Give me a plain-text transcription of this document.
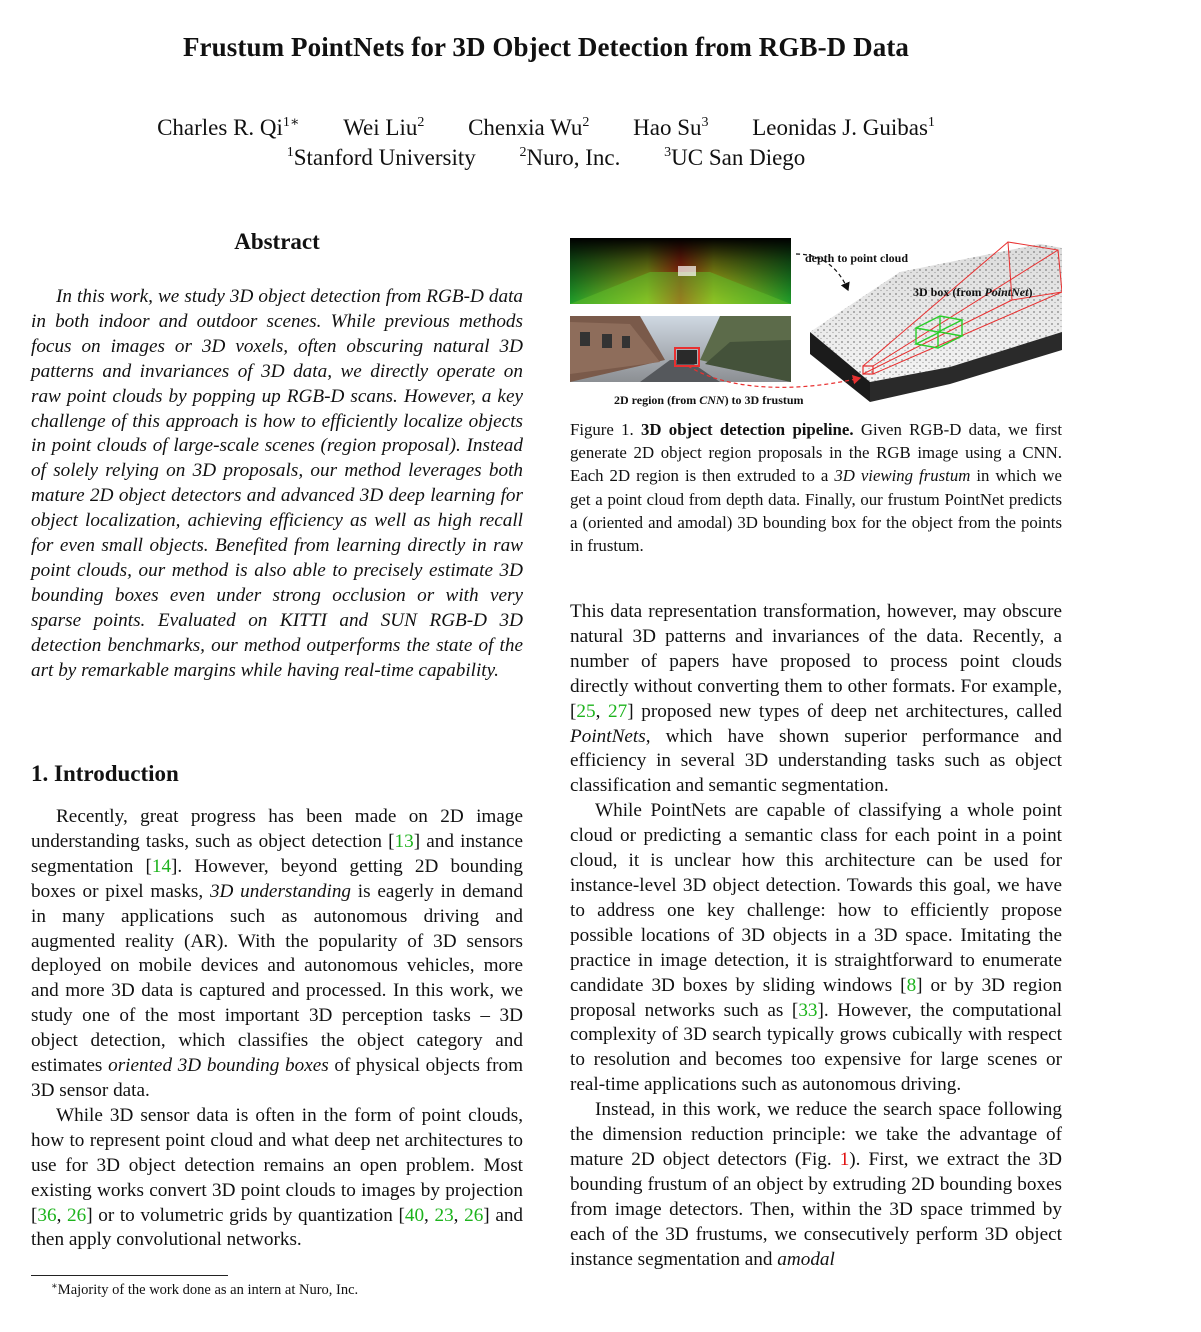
Frustum PointNets for 3D Object Detection from RGB-D Data
Charles R. $Qi^{1∗}$ Wei Liu$^2$ Chenxia Wu$^2$ Hao Su$^3$ Leonidas J. Guibas$^1$
$^1$Stanford University	$^2$Nuro, Inc.	$^3$UC San Diego
Abstract

In this work, we study 3D object detection from RGB-D data in both indoor and outdoor scenes. While previous methods focus on images or 3D voxels, often obscuring natural 3D patterns and invariances of 3D data, we directly operate on raw point clouds by popping up RGB-D scans. However, a key challenge of this approach is how to efficiently localize objects in point clouds of large-scale scenes (region proposal). Instead of solely relying on 3D proposals, our method leverages both mature 2D object detectors and advanced 3D deep learning for object localization, achieving efficiency as well as high recall for even small objects. Benefited from learning directly in raw point clouds, our method is also able to precisely estimate 3D bounding boxes even under strong occlusion or with very sparse points. Evaluated on KITTI and SUN RGB-D 3D detection benchmarks, our method outperforms the state of the art by remarkable margins while having real-time capability.

1. Introduction

Recently, great progress has been made on 2D image understanding tasks, such as object detection [13] and instance segmentation [14]. However, beyond getting 2D bounding boxes or pixel masks, 3D understanding is eagerly in demand in many applications such as autonomous driving and augmented reality (AR). With the popularity of 3D sensors deployed on mobile devices and autonomous vehicles, more and more 3D data is captured and processed. In this work, we study one of the most important 3D perception tasks – 3D object detection, which classifies the object category and estimates oriented 3D bounding boxes of physical objects from 3D sensor data.

While 3D sensor data is often in the form of point clouds, how to represent point cloud and what deep net architectures to use for 3D object detection remains an open problem. Most existing works convert 3D point clouds to images by projection [36, 26] or to volumetric grids by quantization [40, 23, 26] and then apply convolutional networks.

∗Majority of the work done as an intern at Nuro, Inc.
depth to point cloud
3D box (from PointNet)
2D region (from CNN) to 3D frustum
Figure 1. 3D object detection pipeline. Given RGB-D data, we first generate 2D object region proposals in the RGB image using a CNN. Each 2D region is then extruded to a 3D viewing frustum in which we get a point cloud from depth data. Finally, our frustum PointNet predicts a (oriented and amodal) 3D bounding box for the object from the points in frustum.

This data representation transformation, however, may obscure natural 3D patterns and invariances of the data. Recently, a number of papers have proposed to process point clouds directly without converting them to other formats. For example, [25, 27] proposed new types of deep net architectures, called PointNets, which have shown superior performance and efficiency in several 3D understanding tasks such as object classification and semantic segmentation.

While PointNets are capable of classifying a whole point cloud or predicting a semantic class for each point in a point cloud, it is unclear how this architecture can be used for instance-level 3D object detection. Towards this goal, we have to address one key challenge: how to efficiently propose possible locations of 3D objects in a 3D space. Imitating the practice in image detection, it is straightforward to enumerate candidate 3D boxes by sliding windows [8] or by 3D region proposal networks such as [33]. However, the computational complexity of 3D search typically grows cubically with respect to resolution and becomes too expensive for large scenes or real-time applications such as autonomous driving.

Instead, in this work, we reduce the search space following the dimension reduction principle: we take the advantage of mature 2D object detectors (Fig. 1). First, we extract the 3D bounding frustum of an object by extruding 2D bounding boxes from image detectors. Then, within the 3D space trimmed by each of the 3D frustums, we consecutively perform 3D object instance segmentation and amodal
